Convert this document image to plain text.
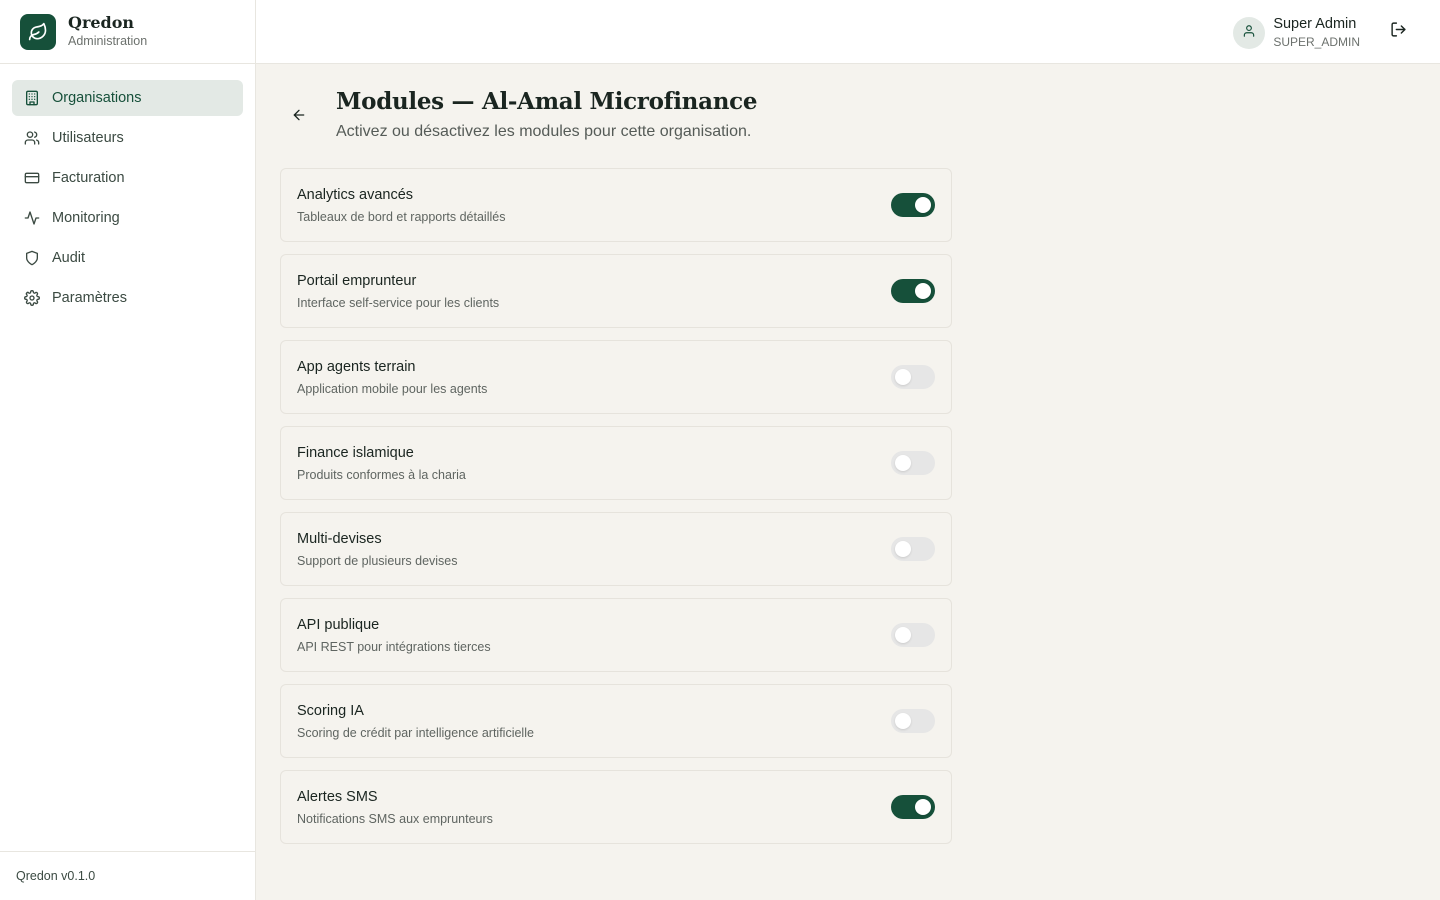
Qredon
Administration
Organisations
Utilisateurs
Facturation
Monitoring
Audit
Paramètres
Qredon v0.1.0
Super Admin
SUPER_ADMIN
Modules — Al-Amal Microfinance

Activez ou désactivez les modules pour cette organisation.

Analytics avancés
Tableaux de bord et rapports détaillés
Portail emprunteur
Interface self-service pour les clients
App agents terrain
Application mobile pour les agents
Finance islamique
Produits conformes à la charia
Multi-devises
Support de plusieurs devises
API publique
API REST pour intégrations tierces
Scoring IA
Scoring de crédit par intelligence artificielle
Alertes SMS
Notifications SMS aux emprunteurs
